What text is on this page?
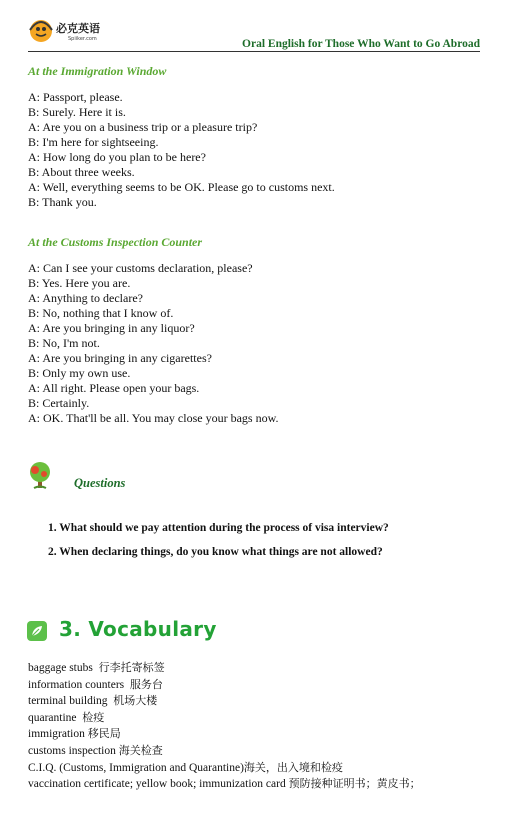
必克英语
Spiiker.com	Oral English for Those Who Want to Go Abroad
At the Immigration Window
A: Passport, please.
B: Surely. Here it is.
A: Are you on a business trip or a pleasure trip?
B: I'm here for sightseeing.
A: How long do you plan to be here?
B: About three weeks.
A: Well, everything seems to be OK. Please go to customs next.
B: Thank you.
At the Customs Inspection Counter
A: Can I see your customs declaration, please?
B: Yes. Here you are.
A: Anything to declare?
B: No, nothing that I know of.
A: Are you bringing in any liquor?
B: No, I'm not.
A: Are you bringing in any cigarettes?
B: Only my own use.
A: All right. Please open your bags.
B: Certainly.
A: OK. That'll be all. You may close your bags now.
Questions
1. What should we pay attention during the process of visa interview?
2. When declaring things, do you know what things are not allowed?
3. Vocabulary
baggage stubs 行李托寄标签
information counters 服务台
terminal building 机场大楼
quarantine 检疫
immigration 移民局
customs inspection 海关检查
C.I.Q. (Customs, Immigration and Quarantine)海关，出入境和检疫
vaccination certificate; yellow book; immunization card 预防接种证明书；黄皮书；
